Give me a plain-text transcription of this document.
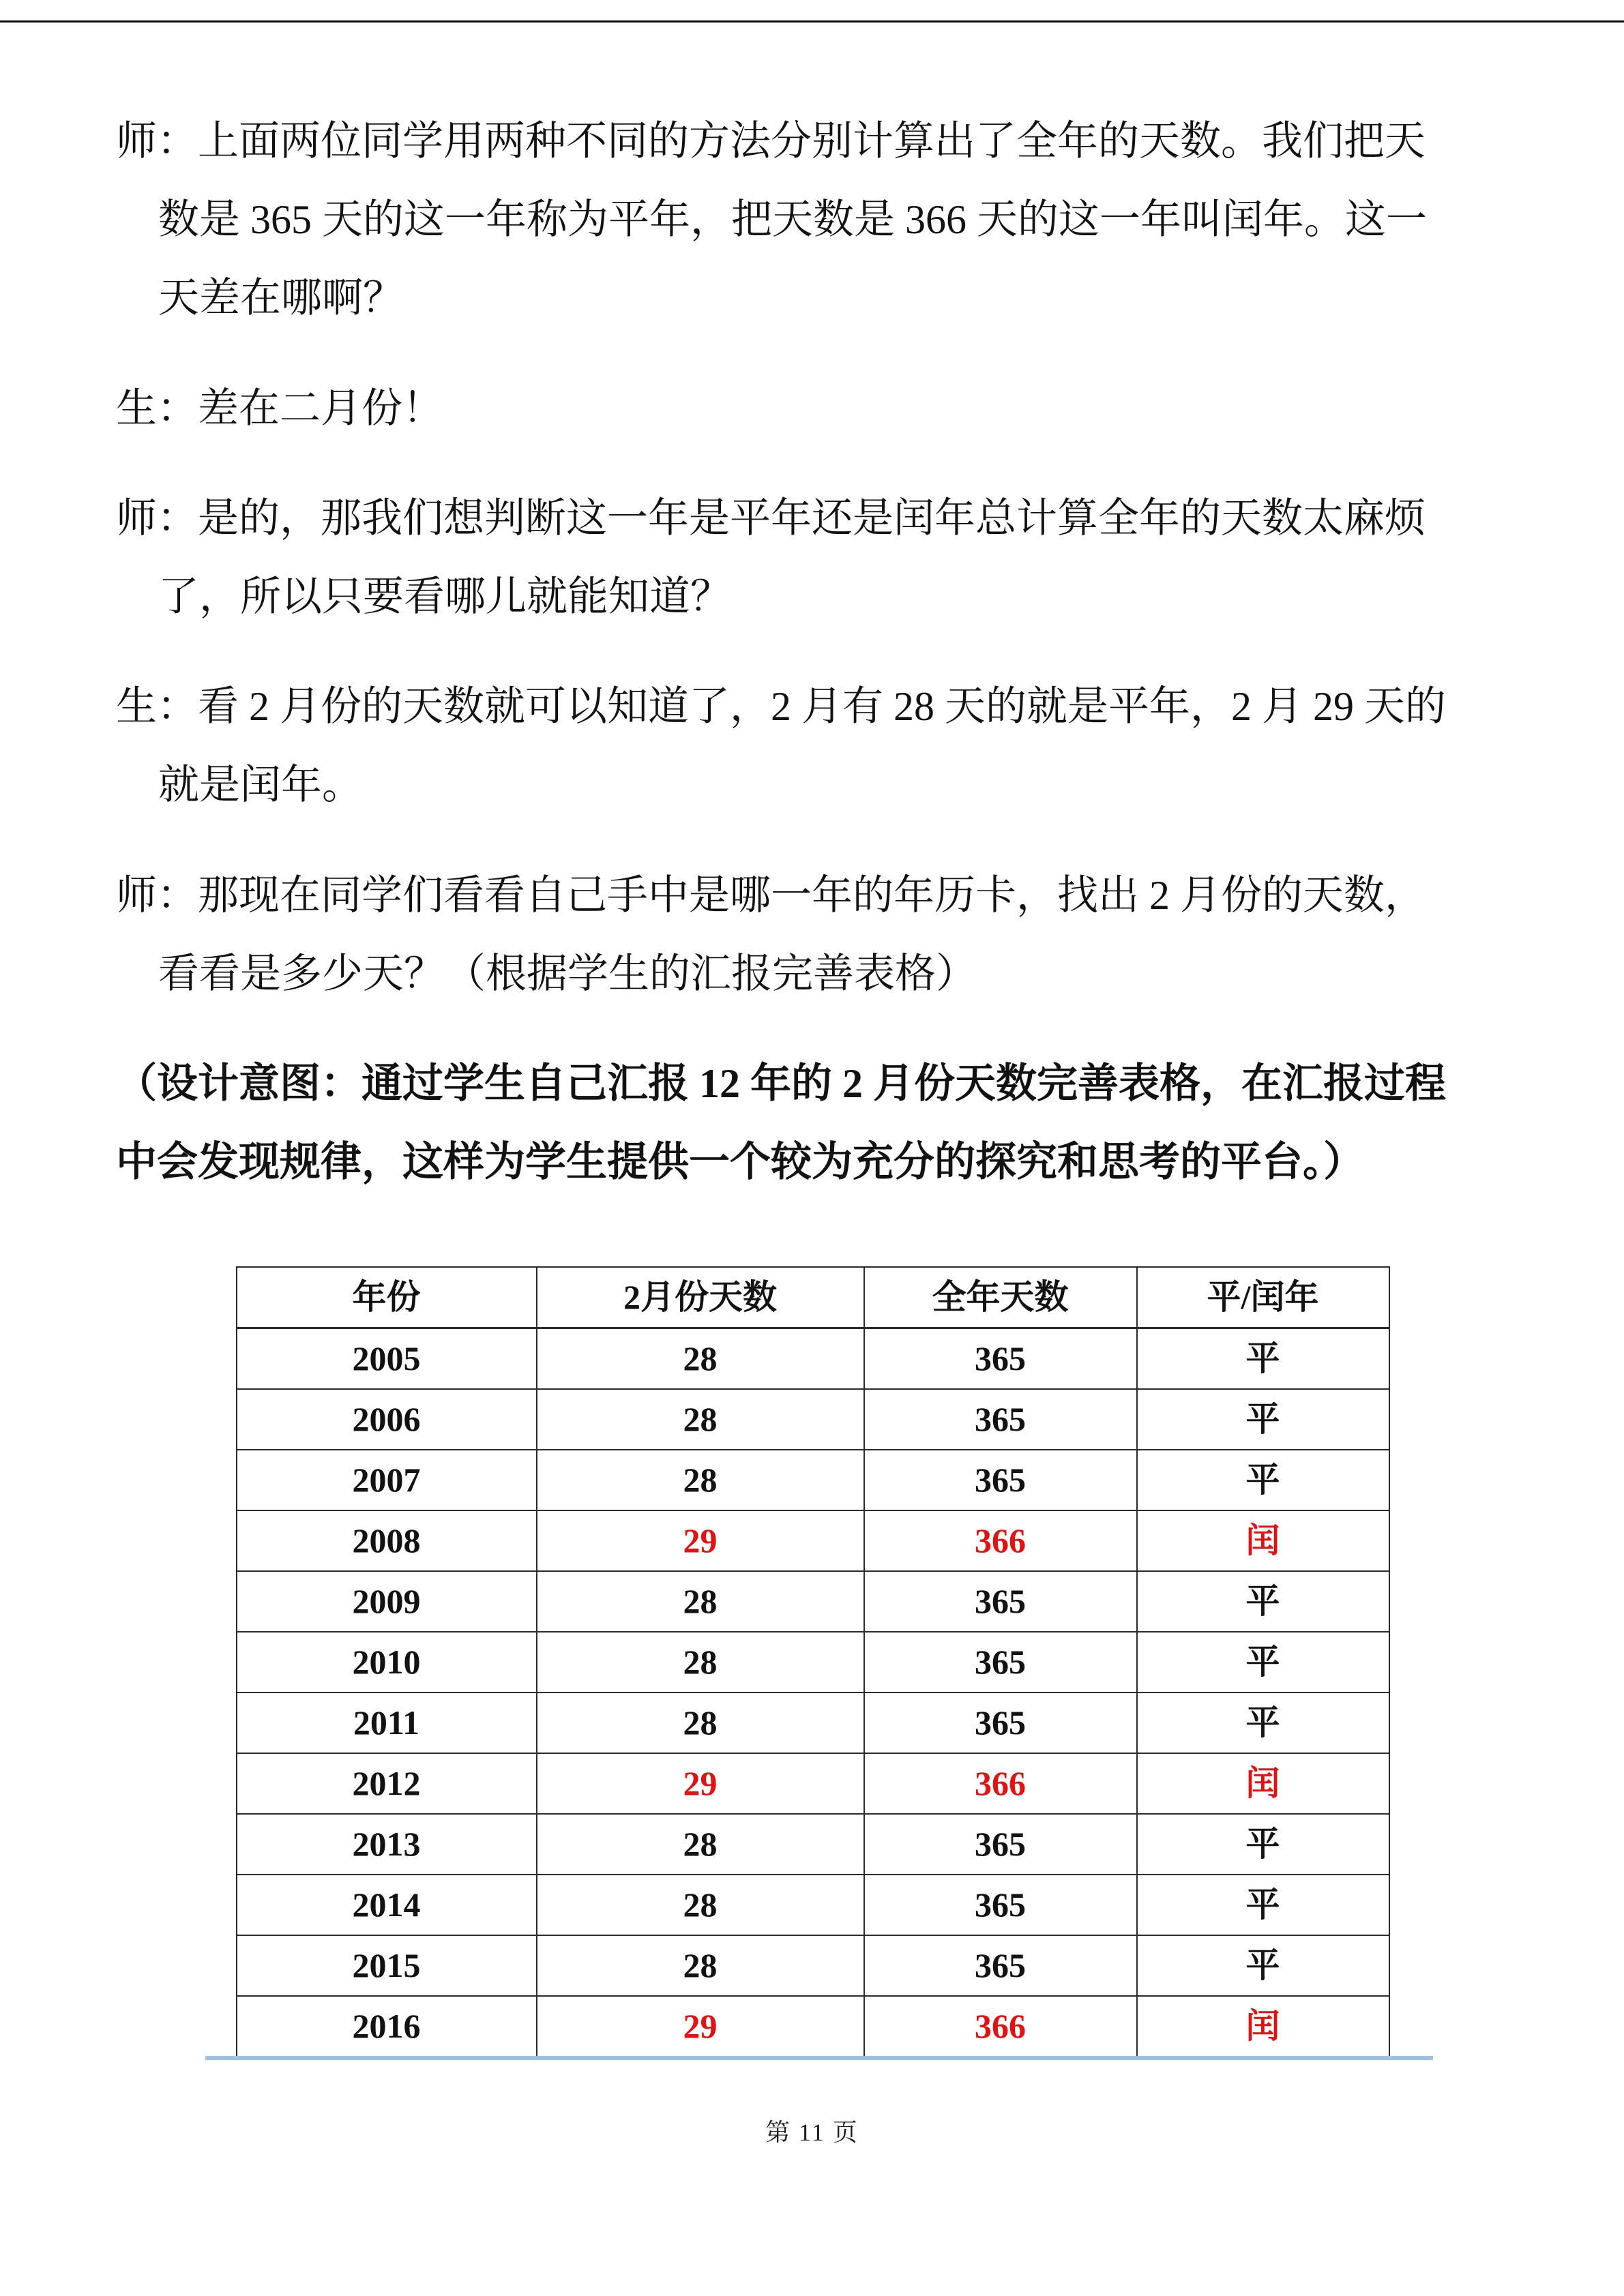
师：上面两位同学用两种不同的方法分别计算出了全年的天数。我们把天数是 365 天的这一年称为平年，把天数是 366 天的这一年叫闰年。这一天差在哪啊？

生：差在二月份！

师：是的，那我们想判断这一年是平年还是闰年总计算全年的天数太麻烦了，所以只要看哪儿就能知道？

生：看 2 月份的天数就可以知道了，2 月有 28 天的就是平年，2 月 29 天的就是闰年。

师：那现在同学们看看自己手中是哪一年的年历卡，找出 2 月份的天数，看看是多少天？（根据学生的汇报完善表格）

（设计意图：通过学生自己汇报 12 年的 2 月份天数完善表格，在汇报过程中会发现规律，这样为学生提供一个较为充分的探究和思考的平台。）

年份	2月份天数	全年天数	平/闰年
2005	28	365	平
2006	28	365	平
2007	28	365	平
2008	29	366	闰
2009	28	365	平
2010	28	365	平
2011	28	365	平
2012	29	366	闰
2013	28	365	平
2014	28	365	平
2015	28	365	平
2016	29	366	闰
第 11 页
